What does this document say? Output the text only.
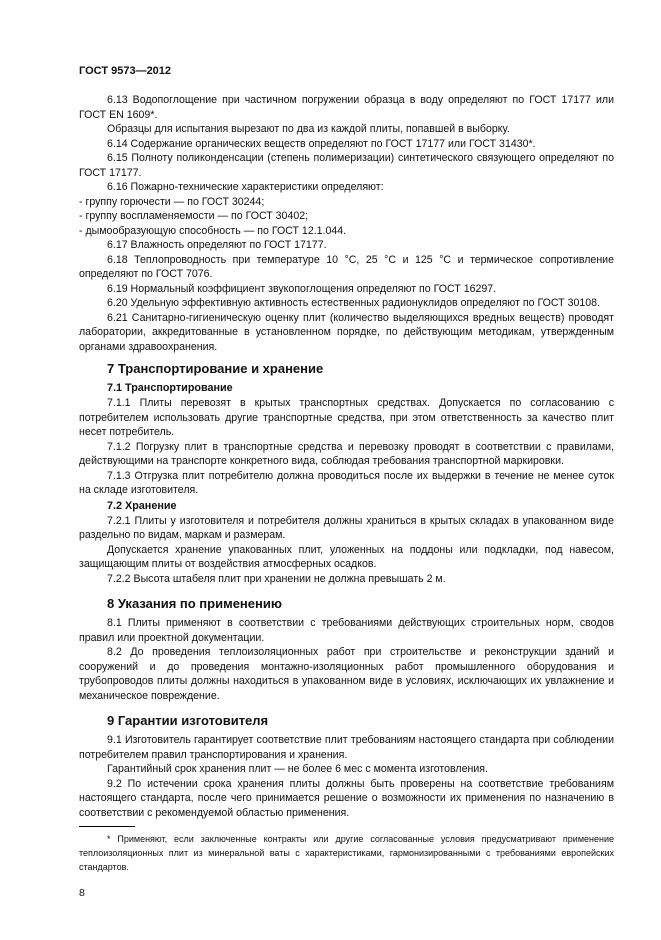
ГОСТ 9573—2012

6.13 Водопоглощение при частичном погружении образца в воду определяют по ГОСТ 17177 или ГОСТ EN 1609*.

Образцы для испытания вырезают по два из каждой плиты, попавшей в выборку.

6.14 Содержание органических веществ определяют по ГОСТ 17177 или ГОСТ 31430*.

6.15 Полноту поликонденсации (степень полимеризации) синтетического связующего определяют по ГОСТ 17177.

6.16 Пожарно-технические характеристики определяют:

- группу горючести — по ГОСТ 30244;

- группу воспламеняемости — по ГОСТ 30402;

- дымообразующую способность — по ГОСТ 12.1.044.

6.17 Влажность определяют по ГОСТ 17177.

6.18 Теплопроводность при температуре 10 °С, 25 °С и 125 °С и термическое сопротивление определяют по ГОСТ 7076.

6.19 Нормальный коэффициент звукопоглощения определяют по ГОСТ 16297.

6.20 Удельную эффективную активность естественных радионуклидов определяют по ГОСТ 30108.

6.21 Санитарно-гигиеническую оценку плит (количество выделяющихся вредных веществ) проводят лаборатории, аккредитованные в установленном порядке, по действующим методикам, утвержденным органами здравоохранения.

7 Транспортирование и хранение
7.1 Транспортирование

7.1.1 Плиты перевозят в крытых транспортных средствах. Допускается по согласованию с потребителем использовать другие транспортные средства, при этом ответственность за качество плит несет потребитель.

7.1.2 Погрузку плит в транспортные средства и перевозку проводят в соответствии с правилами, действующими на транспорте конкретного вида, соблюдая требования транспортной маркировки.

7.1.3 Отгрузка плит потребителю должна проводиться после их выдержки в течение не менее суток на складе изготовителя.

7.2 Хранение

7.2.1 Плиты у изготовителя и потребителя должны храниться в крытых складах в упакованном виде раздельно по видам, маркам и размерам.

Допускается хранение упакованных плит, уложенных на поддоны или подкладки, под навесом, защищающим плиты от воздействия атмосферных осадков.

7.2.2 Высота штабеля плит при хранении не должна превышать 2 м.

8 Указания по применению

8.1 Плиты применяют в соответствии с требованиями действующих строительных норм, сводов правил или проектной документации.

8.2 До проведения теплоизоляционных работ при строительстве и реконструкции зданий и сооружений и до проведения монтажно-изоляционных работ промышленного оборудования и трубопроводов плиты должны находиться в упакованном виде в условиях, исключающих их увлажнение и механическое повреждение.

9 Гарантии изготовителя

9.1 Изготовитель гарантирует соответствие плит требованиям настоящего стандарта при соблюдении потребителем правил транспортирования и хранения.

Гарантийный срок хранения плит — не более 6 мес с момента изготовления.

9.2 По истечении срока хранения плиты должны быть проверены на соответствие требованиям настоящего стандарта, после чего принимается решение о возможности их применения по назначению в соответствии с рекомендуемой областью применения.

* Применяют, если заключенные контракты или другие согласованные условия предусматривают применение теплоизоляционных плит из минеральной ваты с характеристиками, гармонизированными с требованиями европейских стандартов.

8
